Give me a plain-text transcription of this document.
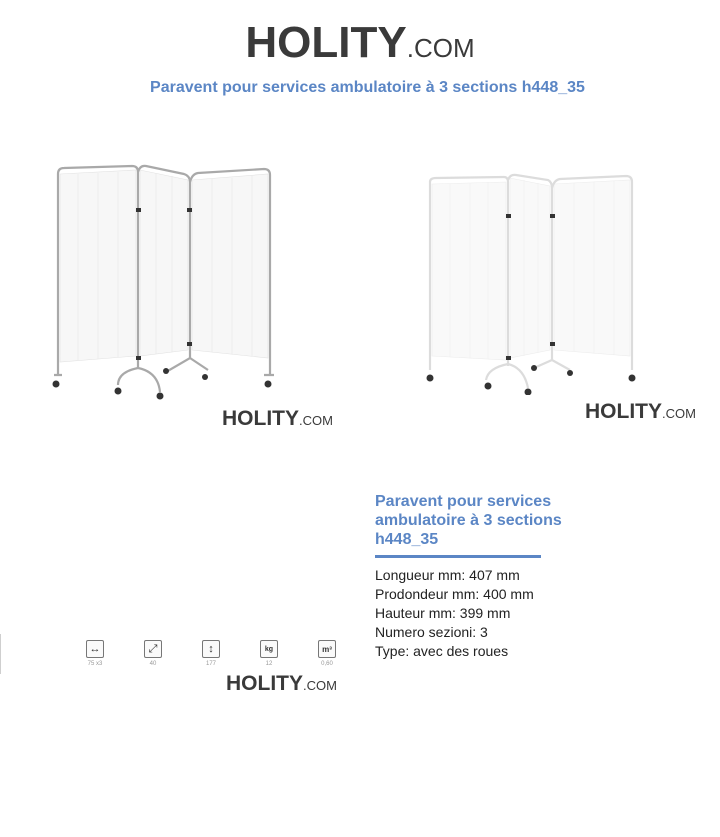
HOLITY .COM
Paravent pour services ambulatoire à 3 sections h448_35
HOLITY .COM	HOLITY .COM
↔
75 x3
⤢
40
↕
177
kg
12
m³
0,60
HOLITY .COM
Paravent pour services ambulatoire à 3 sections h448_35
Longueur mm: 407 mm
Prodondeur mm: 400 mm
Hauteur mm: 399 mm
Numero sezioni: 3
Type: avec des roues
